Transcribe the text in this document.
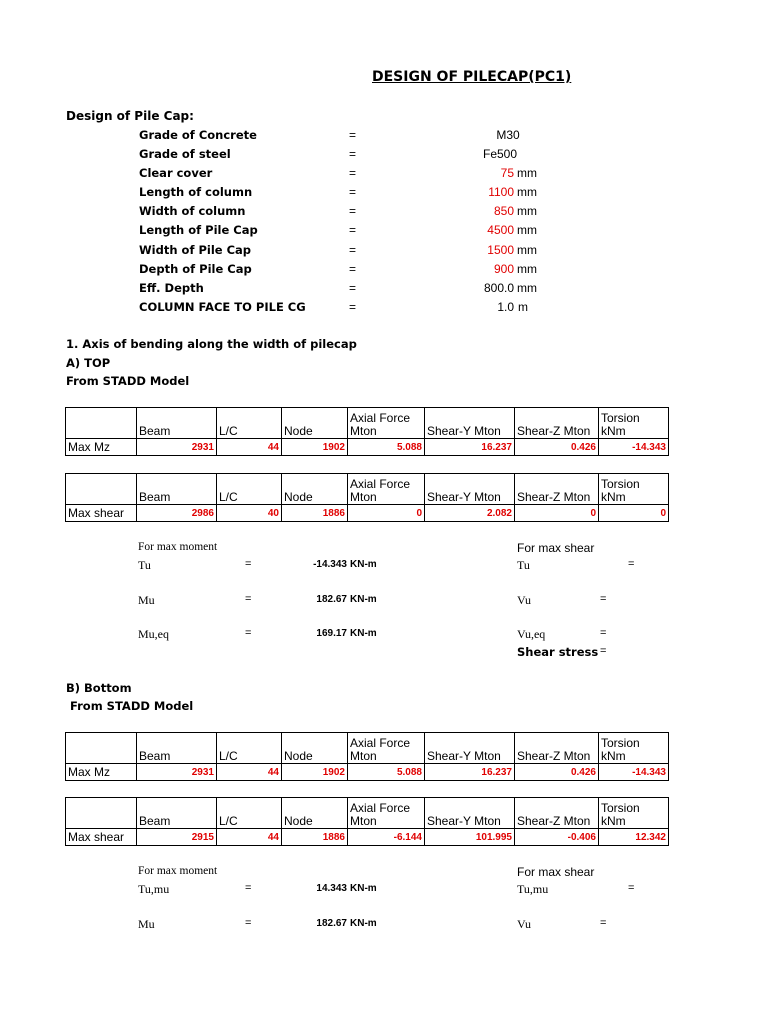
DESIGN OF PILECAP(PC1)
Design of Pile Cap:
Grade of Concrete	=	M30
Grade of steel	=	Fe500
Clear cover	=	75 mm
Length of column	=	1100 mm
Width of column	=	850 mm
Length of Pile Cap	=	4500 mm
Width of Pile Cap	=	1500 mm
Depth of Pile Cap	=	900 mm
Eff. Depth	=	800.0 mm
COLUMN FACE TO PILE CG	=	1.0 m
1. Axis of bending along the width of pilecap
A) TOP
From STADD Model
	Beam	L/C	Node	Axial Force Mton	Shear-Y Mton	Shear-Z Mton	Torsion kNm
Max Mz	2931	44	1902	5.088	16.237	0.426	-14.343
	Beam	L/C	Node	Axial Force Mton	Shear-Y Mton	Shear-Z Mton	Torsion kNm
Max shear	2986	40	1886	0	2.082	0	0
For max moment	For max shear
Tu	=	-14.343 KN-m	Tu	=
Mu	=	182.67 KN-m	Vu	=
Mu,eq	=	169.17 KN-m	Vu,eq	=
Shear stress =
B) Bottom
From STADD Model
	Beam	L/C	Node	Axial Force Mton	Shear-Y Mton	Shear-Z Mton	Torsion kNm
Max Mz	2931	44	1902	5.088	16.237	0.426	-14.343
	Beam	L/C	Node	Axial Force Mton	Shear-Y Mton	Shear-Z Mton	Torsion kNm
Max shear	2915	44	1886	-6.144	101.995	-0.406	12.342
For max moment	For max shear
Tu,mu	=	14.343 KN-m	Tu,mu	=
Mu	=	182.67 KN-m	Vu	=
